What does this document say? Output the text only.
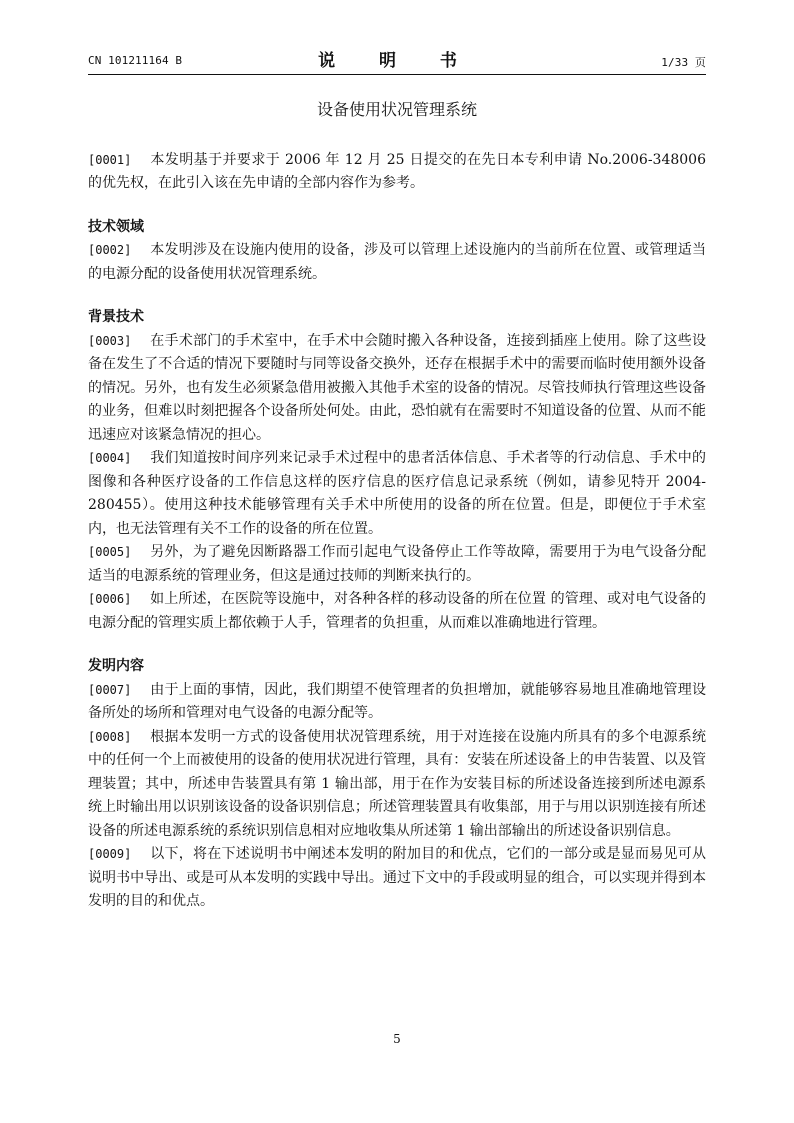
CN 101211164 B	说 明 书	1/33 页
设备使用状况管理系统

[0001] 本发明基于并要求于 2006 年 12 月 25 日提交的在先日本专利申请 No.2006-348006 的优先权，在此引入该在先申请的全部内容作为参考。

技术领域

[0002] 本发明涉及在设施内使用的设备，涉及可以管理上述设施内的当前所在位置、或管理适当的电源分配的设备使用状况管理系统。

背景技术

[0003] 在手术部门的手术室中，在手术中会随时搬入各种设备，连接到插座上使用。除了这些设备在发生了不合适的情况下要随时与同等设备交换外，还存在根据手术中的需要而临时使用额外设备的情况。另外，也有发生必须紧急借用被搬入其他手术室的设备的情况。尽管技师执行管理这些设备的业务，但难以时刻把握各个设备所处何处。由此，恐怕就有在需要时不知道设备的位置、从而不能迅速应对该紧急情况的担心。

[0004] 我们知道按时间序列来记录手术过程中的患者活体信息、手术者等的行动信息、手术中的图像和各种医疗设备的工作信息这样的医疗信息的医疗信息记录系统（例如，请参见特开 2004-280455）。使用这种技术能够管理有关手术中所使用的设备的所在位置。但是，即便位于手术室内，也无法管理有关不工作的设备的所在位置。

[0005] 另外，为了避免因断路器工作而引起电气设备停止工作等故障，需要用于为电气设备分配适当的电源系统的管理业务，但这是通过技师的判断来执行的。

[0006] 如上所述，在医院等设施中，对各种各样的移动设备的所在位置 的管理、或对电气设备的电源分配的管理实质上都依赖于人手，管理者的负担重，从而难以准确地进行管理。

发明内容

[0007] 由于上面的事情，因此，我们期望不使管理者的负担增加，就能够容易地且准确地管理设备所处的场所和管理对电气设备的电源分配等。

[0008] 根据本发明一方式的设备使用状况管理系统，用于对连接在设施内所具有的多个电源系统中的任何一个上而被使用的设备的使用状况进行管理，具有：安装在所述设备上的申告装置、以及管理装置；其中，所述申告装置具有第 1 输出部，用于在作为安装目标的所述设备连接到所述电源系统上时输出用以识别该设备的设备识别信息；所述管理装置具有收集部，用于与用以识别连接有所述设备的所述电源系统的系统识别信息相对应地收集从所述第 1 输出部输出的所述设备识别信息。

[0009] 以下，将在下述说明书中阐述本发明的附加目的和优点，它们的一部分或是显而易见可从说明书中导出、或是可从本发明的实践中导出。通过下文中的手段或明显的组合，可以实现并得到本发明的目的和优点。

5
